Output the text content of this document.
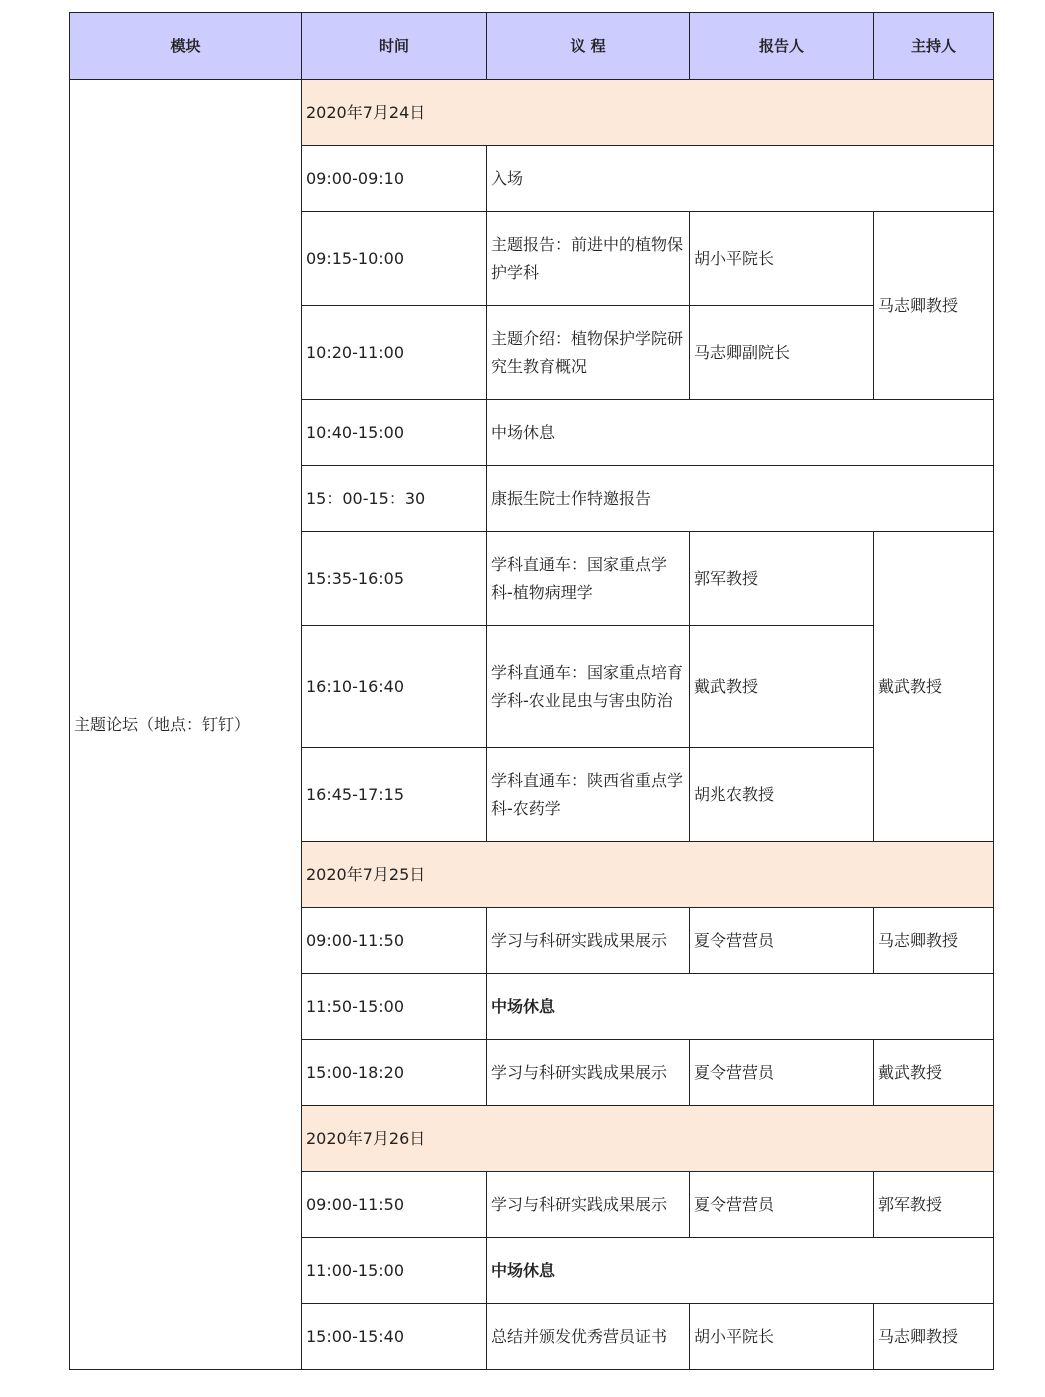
模块	时间	议 程	报告人	主持人
主题论坛（地点：钉钉）	2020年7月24日			
	09:00-09:10	入场		
	09:15-10:00	主题报告：前进中的植物保护学科	胡小平院长	马志卿教授
	10:20-11:00	主题介绍：植物保护学院研究生教育概况	马志卿副院长	
	10:40-15:00	中场休息		
	15：00-15：30	康振生院士作特邀报告		
	15:35-16:05	学科直通车：国家重点学科-植物病理学	郭军教授	戴武教授
	16:10-16:40	学科直通车：国家重点培育学科-农业昆虫与害虫防治	戴武教授	
	16:45-17:15	学科直通车：陕西省重点学科-农药学	胡兆农教授	
	2020年7月25日			
	09:00-11:50	学习与科研实践成果展示	夏令营营员	马志卿教授
	11:50-15:00	中场休息		
	15:00-18:20	学习与科研实践成果展示	夏令营营员	戴武教授
	2020年7月26日			
	09:00-11:50	学习与科研实践成果展示	夏令营营员	郭军教授
	11:00-15:00	中场休息		
	15:00-15:40	总结并颁发优秀营员证书	胡小平院长	马志卿教授
